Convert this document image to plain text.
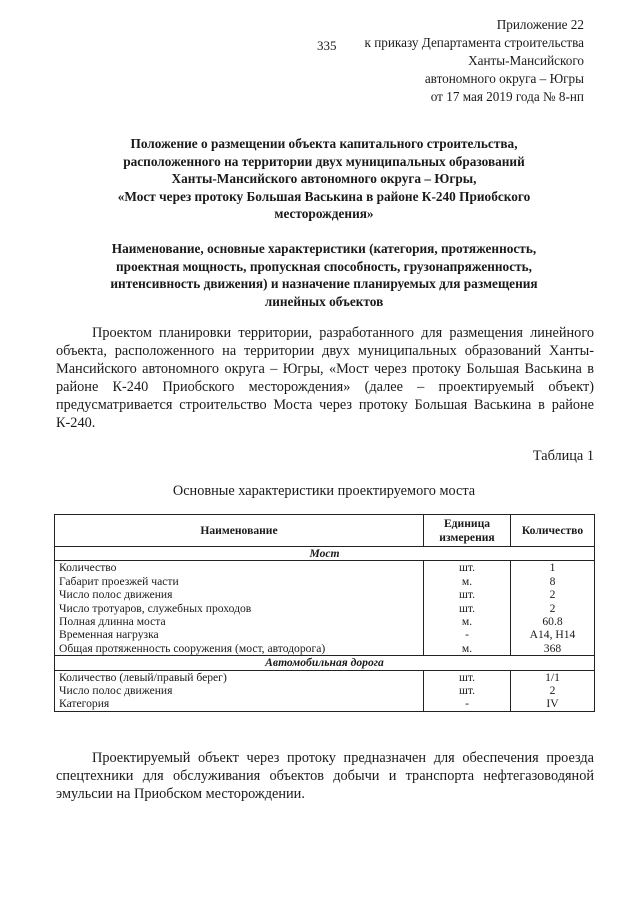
335
Приложение 22
к приказу Департамента строительства
Ханты-Мансийского
автономного округа – Югры
от 17 мая 2019 года № 8-нп
Положение о размещении объекта капитального строительства,
расположенного на территории двух муниципальных образований
Ханты-Мансийского автономного округа – Югры,
«Мост через протоку Большая Васькина в районе К-240 Приобского
месторождения»
Наименование, основные характеристики (категория, протяженность,
проектная мощность, пропускная способность, грузонапряженность,
интенсивность движения) и назначение планируемых для размещения
линейных объектов

Проектом планировки территории, разработанного для размещения линейного объекта, расположенного на территории двух муниципальных образований Ханты-Мансийского автономного округа – Югры, «Мост через протоку Большая Васькина в районе К-240 Приобского месторождения» (далее – проектируемый объект) предусматривается строительство Моста через протоку Большая Васькина в районе К-240.

Таблица 1
Основные характеристики проектируемого моста
Наименование	Единица измерения	Количество
Мост		
Количество	шт.	1
Габарит проезжей части	м.	8
Число полос движения	шт.	2
Число тротуаров, служебных проходов	шт.	2
Полная длинна моста	м.	60.8
Временная нагрузка	-	А14, Н14
Общая протяженность сооружения (мост, автодорога)	м.	368
Автомобильная дорога		
Количество (левый/правый берег)	шт.	1/1
Число полос движения	шт.	2
Категория	-	IV

Проектируемый объект через протоку предназначен для обеспечения проезда спецтехники для обслуживания объектов добычи и транспорта нефтегазоводяной эмульсии на Приобском месторождении.
